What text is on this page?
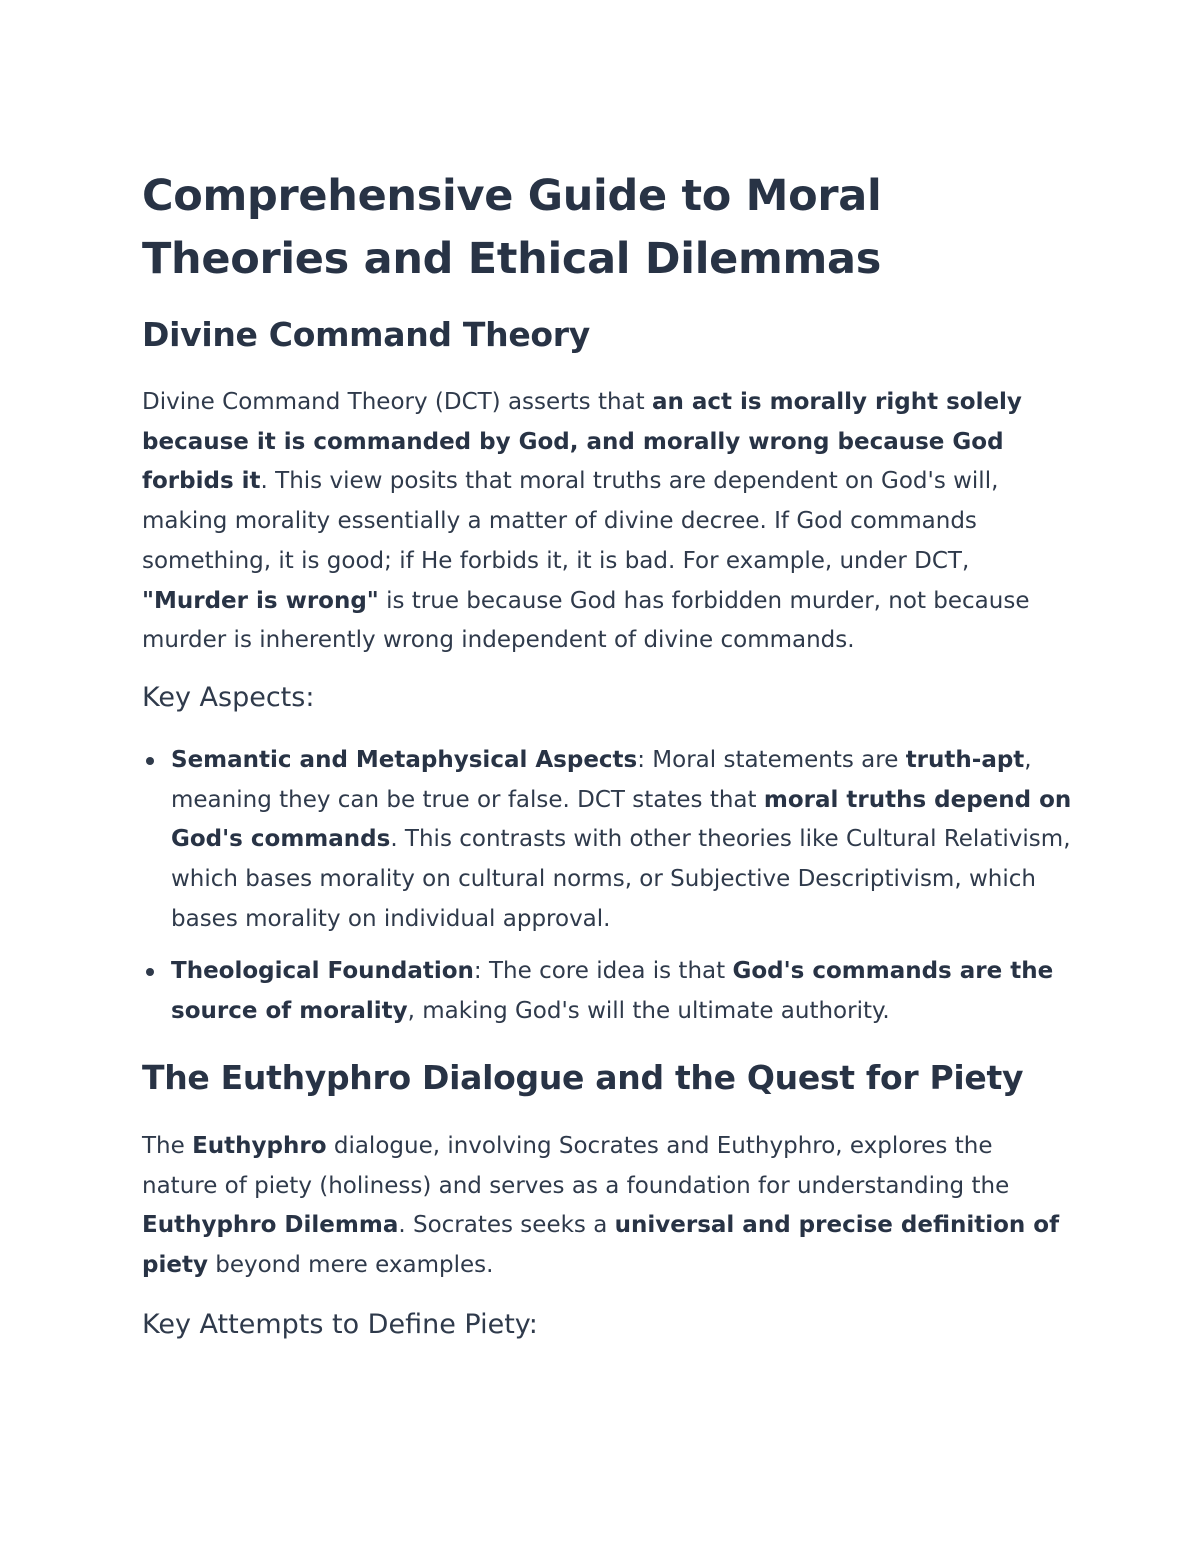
Comprehensive Guide to Moral Theories and Ethical Dilemmas
Divine Command Theory

Divine Command Theory (DCT) asserts that an act is morally right solely because it is commanded by God, and morally wrong because God forbids it. This view posits that moral truths are dependent on God's will, making morality essentially a matter of divine decree. If God commands something, it is good; if He forbids it, it is bad. For example, under DCT, "Murder is wrong" is true because God has forbidden murder, not because murder is inherently wrong independent of divine commands.

Key Aspects:
Semantic and Metaphysical Aspects: Moral statements are truth-apt, meaning they can be true or false. DCT states that moral truths depend on God's commands. This contrasts with other theories like Cultural Relativism, which bases morality on cultural norms, or Subjective Descriptivism, which bases morality on individual approval.
Theological Foundation: The core idea is that God's commands are the source of morality, making God's will the ultimate authority.
The Euthyphro Dialogue and the Quest for Piety

The Euthyphro dialogue, involving Socrates and Euthyphro, explores the nature of piety (holiness) and serves as a foundation for understanding the Euthyphro Dilemma. Socrates seeks a universal and precise definition of piety beyond mere examples.

Key Attempts to Define Piety:
